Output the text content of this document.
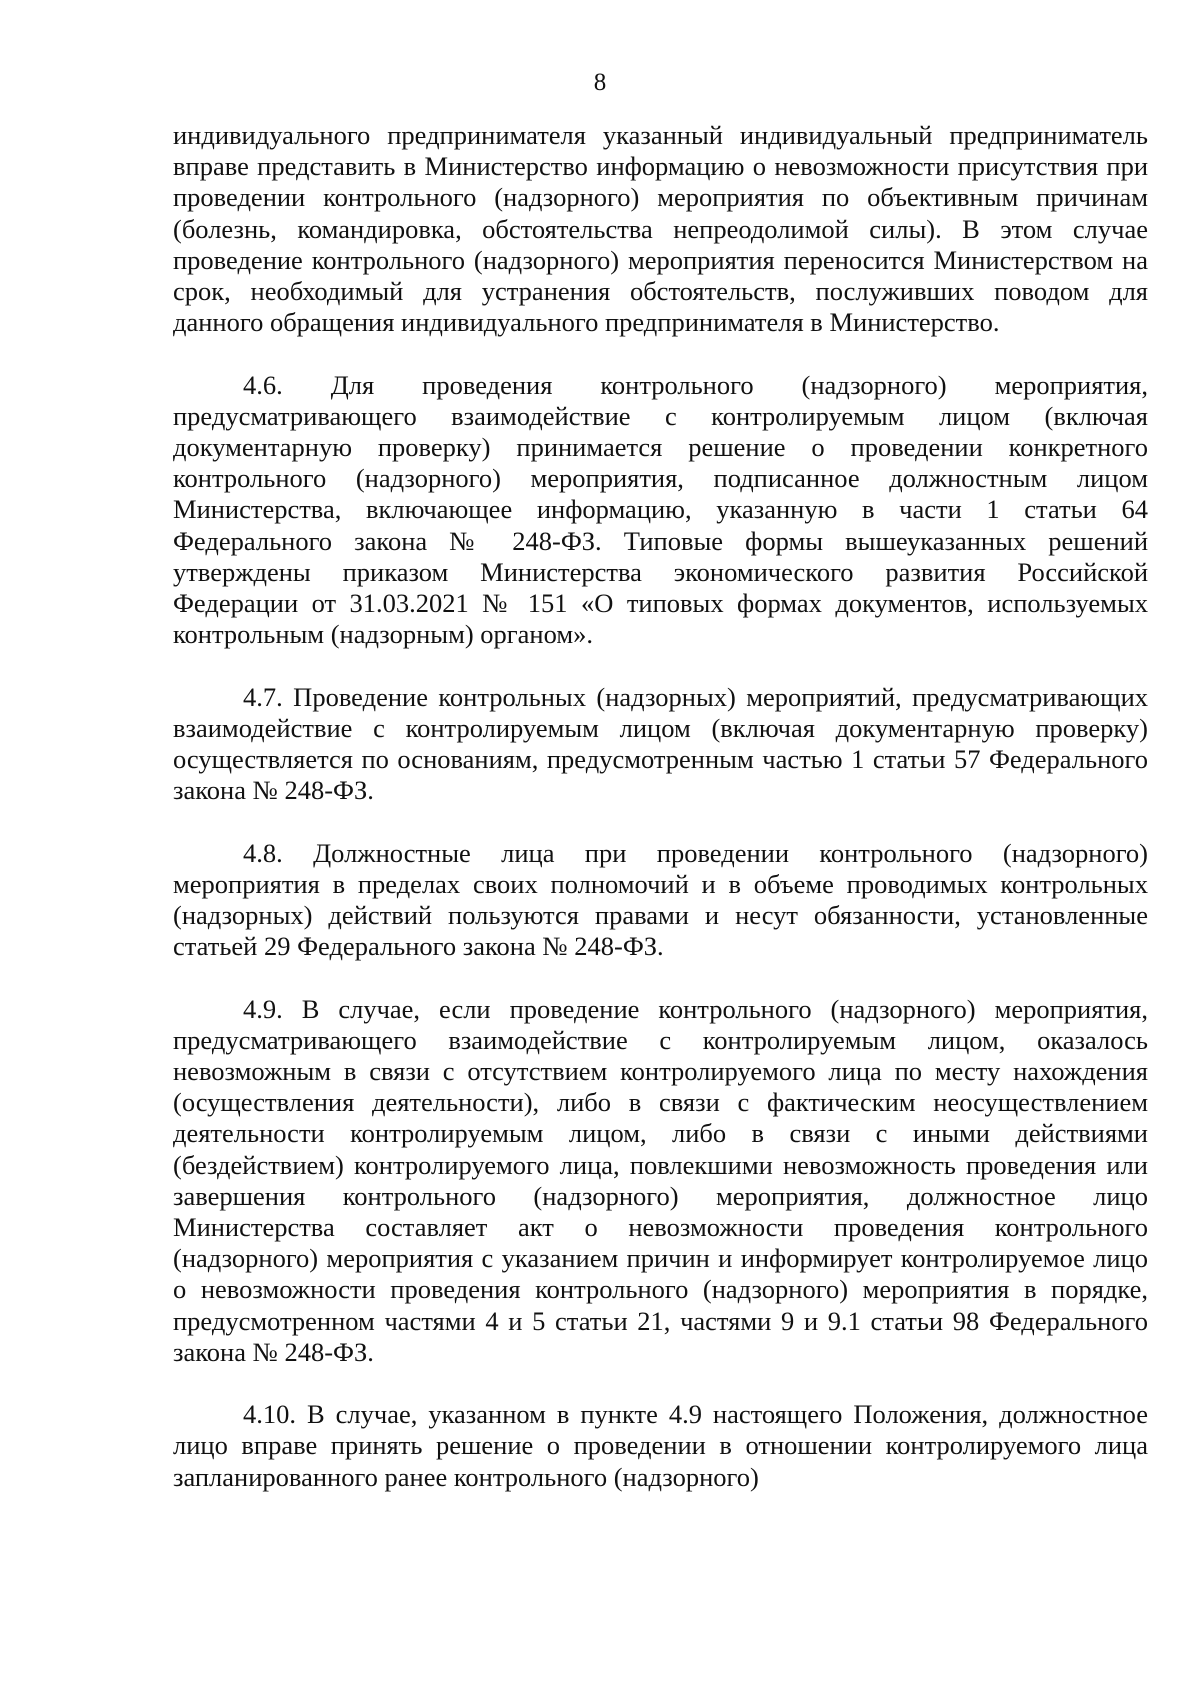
8

индивидуального предпринимателя указанный индивидуальный предприниматель вправе представить в Министерство информацию о невозможности присутствия при проведении контрольного (надзорного) мероприятия по объективным причинам (болезнь, командировка, обстоятельства непреодолимой силы). В этом случае проведение контрольного (надзорного) мероприятия переносится Министерством на срок, необходимый для устранения обстоятельств, послуживших поводом для данного обращения индивидуального предпринимателя в Министерство.

4.6. Для проведения контрольного (надзорного) мероприятия, предусматривающего взаимодействие с контролируемым лицом (включая документарную проверку) принимается решение о проведении конкретного контрольного (надзорного) мероприятия, подписанное должностным лицом Министерства, включающее информацию, указанную в части 1 статьи 64 Федерального закона № 248-ФЗ. Типовые формы вышеуказанных решений утверждены приказом Министерства экономического развития Российской Федерации от 31.03.2021 № 151 «О типовых формах документов, используемых контрольным (надзорным) органом».

4.7. Проведение контрольных (надзорных) мероприятий, предусматривающих взаимодействие с контролируемым лицом (включая документарную проверку) осуществляется по основаниям, предусмотренным частью 1 статьи 57 Федерального закона № 248-ФЗ.

4.8. Должностные лица при проведении контрольного (надзорного) мероприятия в пределах своих полномочий и в объеме проводимых контрольных (надзорных) действий пользуются правами и несут обязанности, установленные статьей 29 Федерального закона № 248-ФЗ.

4.9. В случае, если проведение контрольного (надзорного) мероприятия, предусматривающего взаимодействие с контролируемым лицом, оказалось невозможным в связи с отсутствием контролируемого лица по месту нахождения (осуществления деятельности), либо в связи с фактическим неосуществлением деятельности контролируемым лицом, либо в связи с иными действиями (бездействием) контролируемого лица, повлекшими невозможность проведения или завершения контрольного (надзорного) мероприятия, должностное лицо Министерства составляет акт о невозможности проведения контрольного (надзорного) мероприятия с указанием причин и информирует контролируемое лицо о невозможности проведения контрольного (надзорного) мероприятия в порядке, предусмотренном частями 4 и 5 статьи 21, частями 9 и 9.1 статьи 98 Федерального закона № 248-ФЗ.

4.10. В случае, указанном в пункте 4.9 настоящего Положения, должностное лицо вправе принять решение о проведении в отношении контролируемого лица запланированного ранее контрольного (надзорного)
